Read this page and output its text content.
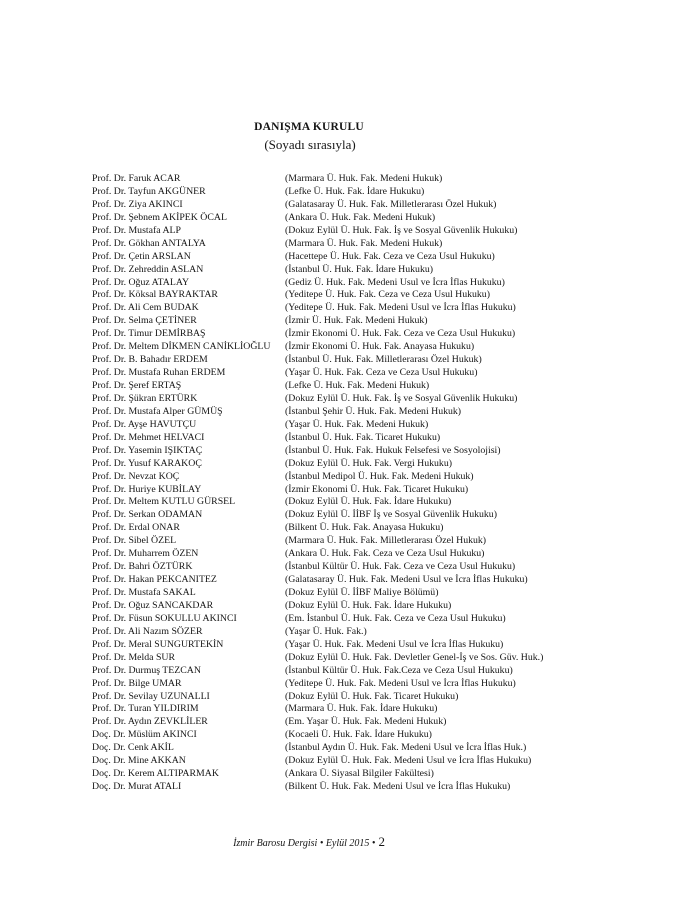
DANIŞMA KURULU
(Soyadı sırasıyla)
Prof. Dr. Faruk ACAR	(Marmara Ü. Huk. Fak. Medeni Hukuk)
Prof. Dr. Tayfun AKGÜNER	(Lefke Ü. Huk. Fak. İdare Hukuku)
Prof. Dr. Ziya AKINCI	(Galatasaray Ü. Huk. Fak. Milletlerarası Özel Hukuk)
Prof. Dr. Şebnem AKİPEK ÖCAL	(Ankara Ü. Huk. Fak. Medeni Hukuk)
Prof. Dr. Mustafa ALP	(Dokuz Eylül Ü. Huk. Fak. İş ve Sosyal Güvenlik Hukuku)
Prof. Dr. Gökhan ANTALYA	(Marmara Ü. Huk. Fak. Medeni Hukuk)
Prof. Dr. Çetin ARSLAN	(Hacettepe Ü. Huk. Fak. Ceza ve Ceza Usul Hukuku)
Prof. Dr. Zehreddin ASLAN	(İstanbul Ü. Huk. Fak. İdare Hukuku)
Prof. Dr. Oğuz ATALAY	(Gediz Ü. Huk. Fak. Medeni Usul ve İcra İflas Hukuku)
Prof. Dr. Köksal BAYRAKTAR	(Yeditepe Ü. Huk. Fak. Ceza ve Ceza Usul Hukuku)
Prof. Dr. Ali Cem BUDAK	(Yeditepe Ü. Huk. Fak. Medeni Usul ve İcra İflas Hukuku)
Prof. Dr. Selma ÇETİNER	(İzmir Ü. Huk. Fak. Medeni Hukuk)
Prof. Dr. Timur DEMİRBAŞ	(İzmir Ekonomi Ü. Huk. Fak. Ceza ve Ceza Usul Hukuku)
Prof. Dr. Meltem DİKMEN CANİKLİOĞLU (İzmir Ekonomi Ü. Huk. Fak. Anayasa Hukuku)
Prof. Dr. B. Bahadır ERDEM	(İstanbul Ü. Huk. Fak. Milletlerarası Özel Hukuk)
Prof. Dr. Mustafa Ruhan ERDEM	(Yaşar Ü. Huk. Fak. Ceza ve Ceza Usul Hukuku)
Prof. Dr. Şeref ERTAŞ	(Lefke Ü. Huk. Fak. Medeni Hukuk)
Prof. Dr. Şükran ERTÜRK	(Dokuz Eylül Ü. Huk. Fak. İş ve Sosyal Güvenlik Hukuku)
Prof. Dr. Mustafa Alper GÜMÜŞ	(İstanbul Şehir Ü. Huk. Fak. Medeni Hukuk)
Prof. Dr. Ayşe HAVUTÇU	(Yaşar Ü. Huk. Fak. Medeni Hukuk)
Prof. Dr. Mehmet HELVACI	(İstanbul Ü. Huk. Fak. Ticaret Hukuku)
Prof. Dr. Yasemin IŞIKTAÇ	(İstanbul Ü. Huk. Fak. Hukuk Felsefesi ve Sosyolojisi)
Prof. Dr. Yusuf KARAKOÇ	(Dokuz Eylül Ü. Huk. Fak. Vergi Hukuku)
Prof. Dr. Nevzat KOÇ	(İstanbul Medipol Ü. Huk. Fak. Medeni Hukuk)
Prof. Dr. Huriye KUBİLAY	(İzmir Ekonomi Ü. Huk. Fak. Ticaret Hukuku)
Prof. Dr. Meltem KUTLU GÜRSEL	(Dokuz Eylül Ü. Huk. Fak. İdare Hukuku)
Prof. Dr. Serkan ODAMAN	(Dokuz Eylül Ü. İİBF İş ve Sosyal Güvenlik Hukuku)
Prof. Dr. Erdal ONAR	(Bilkent Ü. Huk. Fak. Anayasa Hukuku)
Prof. Dr. Sibel ÖZEL	(Marmara Ü. Huk. Fak. Milletlerarası Özel Hukuk)
Prof. Dr. Muharrem ÖZEN	(Ankara Ü. Huk. Fak. Ceza ve Ceza Usul Hukuku)
Prof. Dr. Bahri ÖZTÜRK	(İstanbul Kültür Ü. Huk. Fak. Ceza ve Ceza Usul Hukuku)
Prof. Dr. Hakan PEKCANITEZ	(Galatasaray Ü. Huk. Fak. Medeni Usul ve İcra İflas Hukuku)
Prof. Dr. Mustafa SAKAL	(Dokuz Eylül Ü. İİBF Maliye Bölümü)
Prof. Dr. Oğuz SANCAKDAR	(Dokuz Eylül Ü. Huk. Fak. İdare Hukuku)
Prof. Dr. Füsun SOKULLU AKINCI	(Em. İstanbul Ü. Huk. Fak. Ceza ve Ceza Usul Hukuku)
Prof. Dr. Ali Nazım SÖZER	(Yaşar Ü. Huk. Fak.)
Prof. Dr. Meral SUNGURTEKİN	(Yaşar Ü. Huk. Fak. Medeni Usul ve İcra İflas Hukuku)
Prof. Dr. Melda SUR	(Dokuz Eylül Ü. Huk. Fak. Devletler Genel-İş ve Sos. Güv. Huk.)
Prof. Dr. Durmuş TEZCAN	(İstanbul Kültür Ü. Huk. Fak.Ceza ve Ceza Usul Hukuku)
Prof. Dr. Bilge UMAR	(Yeditepe Ü. Huk. Fak. Medeni Usul ve İcra İflas Hukuku)
Prof. Dr. Sevilay UZUNALLI	(Dokuz Eylül Ü. Huk. Fak. Ticaret Hukuku)
Prof. Dr. Turan YILDIRIM	(Marmara Ü. Huk. Fak. İdare Hukuku)
Prof. Dr. Aydın ZEVKLİLER	(Em. Yaşar Ü. Huk. Fak. Medeni Hukuk)
Doç. Dr. Müslüm AKINCI	(Kocaeli Ü. Huk. Fak. İdare Hukuku)
Doç. Dr. Cenk AKİL	(İstanbul Aydın Ü. Huk. Fak. Medeni Usul ve İcra İflas Huk.)
Doç. Dr. Mine AKKAN	(Dokuz Eylül Ü. Huk. Fak. Medeni Usul ve İcra İflas Hukuku)
Doç. Dr. Kerem ALTIPARMAK	(Ankara Ü. Siyasal Bilgiler Fakültesi)
Doç. Dr. Murat ATALI	(Bilkent Ü. Huk. Fak. Medeni Usul ve İcra İflas Hukuku)
İzmir Barosu Dergisi • Eylül 2015 • 2
